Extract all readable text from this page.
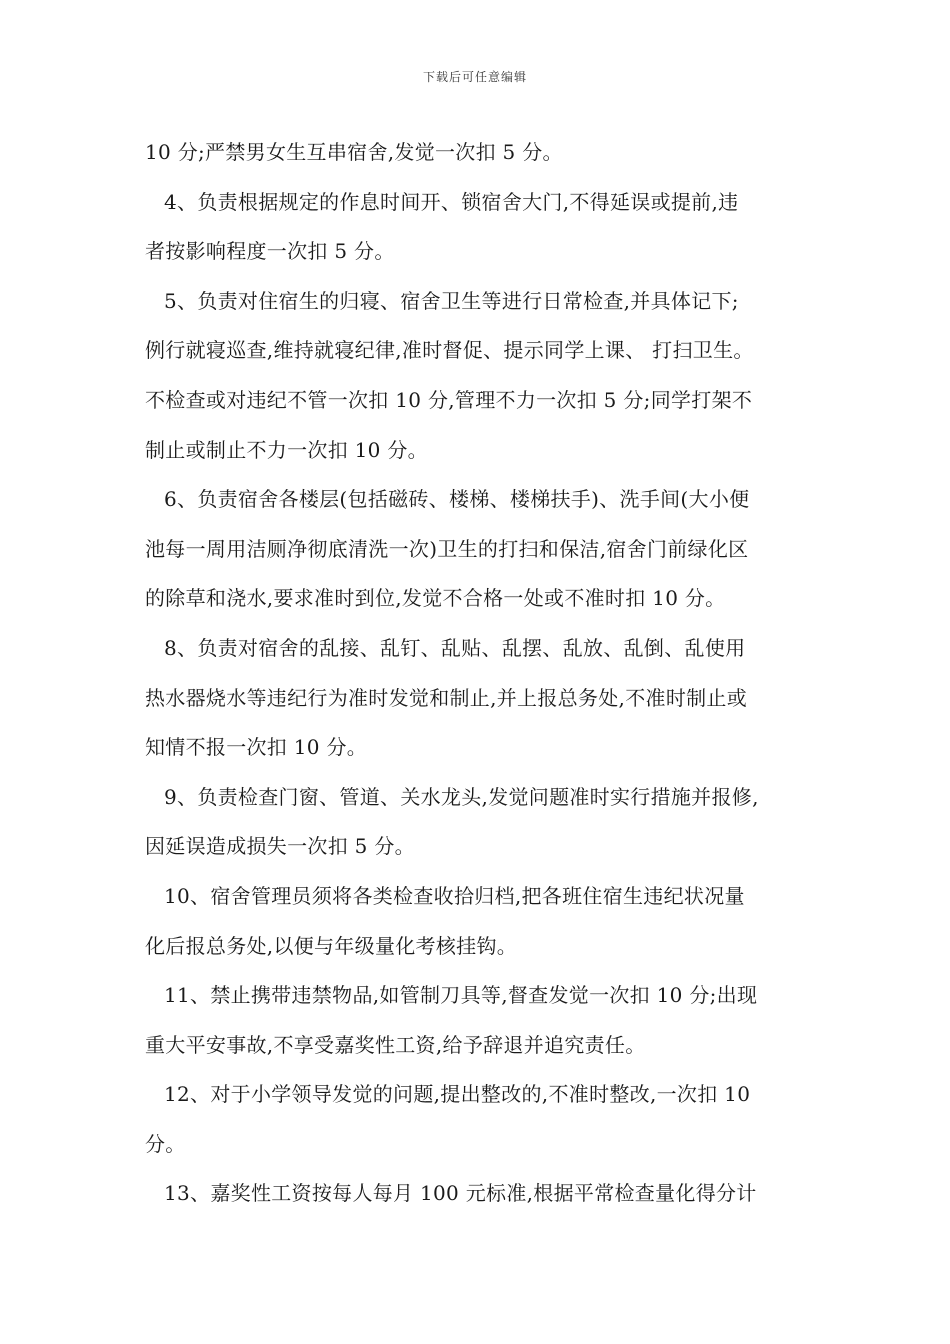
下载后可任意编辑
10 分;严禁男女生互串宿舍,发觉一次扣 5 分。
4、负责根据规定的作息时间开、锁宿舍大门,不得延误或提前,违
者按影响程度一次扣 5 分。
5、负责对住宿生的归寝、宿舍卫生等进行日常检查,并具体记下;
例行就寝巡查,维持就寝纪律,准时督促、提示同学上课、 打扫卫生。
不检查或对违纪不管一次扣 10 分,管理不力一次扣 5 分;同学打架不
制止或制止不力一次扣 10 分。
6、负责宿舍各楼层(包括磁砖、楼梯、楼梯扶手)、洗手间(大小便
池每一周用洁厕净彻底清洗一次)卫生的打扫和保洁,宿舍门前绿化区
的除草和浇水,要求准时到位,发觉不合格一处或不准时扣 10 分。
8、负责对宿舍的乱接、乱钉、乱贴、乱摆、乱放、乱倒、乱使用
热水器烧水等违纪行为准时发觉和制止,并上报总务处,不准时制止或
知情不报一次扣 10 分。
9、负责检查门窗、管道、关水龙头,发觉问题准时实行措施并报修,
因延误造成损失一次扣 5 分。
10、宿舍管理员须将各类检查收拾归档,把各班住宿生违纪状况量
化后报总务处,以便与年级量化考核挂钩。
11、禁止携带违禁物品,如管制刀具等,督查发觉一次扣 10 分;出现
重大平安事故,不享受嘉奖性工资,给予辞退并追究责任。
12、对于小学领导发觉的问题,提出整改的,不准时整改,一次扣 10
分。
13、嘉奖性工资按每人每月 100 元标准,根据平常检查量化得分计
